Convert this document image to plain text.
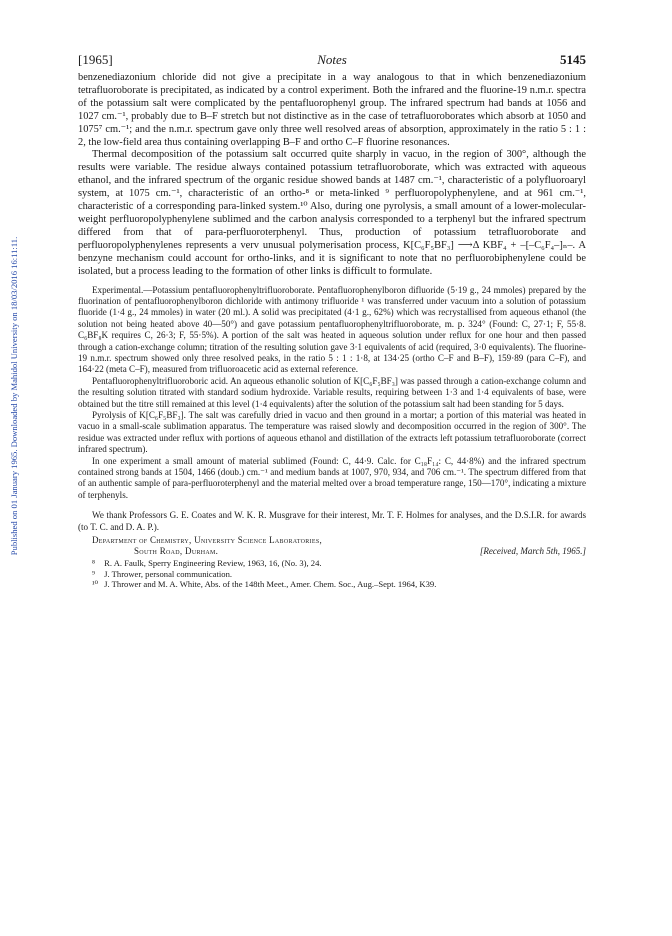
Published on 01 January 1965. Downloaded by Mahidol University on 18/03/2016 16:11:11.
[1965]	Notes	5145

benzenediazonium chloride did not give a precipitate in a way analogous to that in which benzenediazonium tetrafluoroborate is precipitated, as indicated by a control experiment. Both the infrared and the fluorine-19 n.m.r. spectra of the potassium salt were complicated by the pentafluorophenyl group. The infrared spectrum had bands at 1056 and 1027 cm.⁻¹, probably due to B–F stretch but not distinctive as in the case of tetrafluoroborates which absorb at 1050 and 1075⁷ cm.⁻¹; and the n.m.r. spectrum gave only three well resolved areas of absorption, approximately in the ratio 5 : 1 : 2, the low-field area thus containing overlapping B–F and ortho C–F fluorine resonances.

Thermal decomposition of the potassium salt occurred quite sharply in vacuo, in the region of 300°, although the results were variable. The residue always contained potassium tetrafluoroborate, which was extracted with aqueous ethanol, and the infrared spectrum of the organic residue showed bands at 1487 cm.⁻¹, characteristic of a polyfluoroaryl system, at 1075 cm.⁻¹, characteristic of an ortho-⁸ or meta-linked ⁹ perfluoropolyphenylene, and at 961 cm.⁻¹, characteristic of a corresponding para-linked system.¹⁰ Also, during one pyrolysis, a small amount of a lower-molecular-weight perfluoropolyphenylene sublimed and the carbon analysis corresponded to a terphenyl but the infrared spectrum differed from that of para-perfluoroterphenyl. Thus, production of potassium tetrafluoroborate and perfluoropolyphenylenes represents a verv unusual polymerisation process, K[C₆F₅BF₃] ⟶Δ KBF₄ + –[–C₆F₄–]ₙ–. A benzyne mechanism could account for ortho-links, and it is significant to note that no perfluorobiphenylene could be isolated, but a process leading to the formation of other links is difficult to formulate.

Experimental.—Potassium pentafluorophenyltrifluoroborate. Pentafluorophenylboron difluoride (5·19 g., 24 mmoles) prepared by the fluorination of pentafluorophenylboron dichloride with antimony trifluoride ¹ was transferred under vacuum into a solution of potassium fluoride (1·4 g., 24 mmoles) in water (20 ml.). A solid was precipitated (4·1 g., 62%) which was recrystallised from aqueous ethanol (the solution not being heated above 40—50°) and gave potassium pentafluorophenyltrifluoroborate, m. p. 324° (Found: C, 27·1; F, 55·8. C₆BF₈K requires C, 26·3; F, 55·5%). A portion of the salt was heated in aqueous solution under reflux for one hour and then passed through a cation-exchange column; titration of the resulting solution gave 3·1 equivalents of acid (required, 3·0 equivalents). The fluorine-19 n.m.r. spectrum showed only three resolved peaks, in the ratio 5 : 1 : 1·8, at 134·25 (ortho C–F and B–F), 159·89 (para C–F), and 164·22 (meta C–F), measured from trifluoroacetic acid as external reference.

Pentafluorophenyltrifluoroboric acid. An aqueous ethanolic solution of K[C₆F₅BF₃] was passed through a cation-exchange column and the resulting solution titrated with standard sodium hydroxide. Variable results, requiring between 1·3 and 1·4 equivalents of base, were obtained but the titre still remained at this level (1·4 equivalents) after the solution of the potassium salt had been standing for 5 days.

Pyrolysis of K[C₆F₅BF₃]. The salt was carefully dried in vacuo and then ground in a mortar; a portion of this material was heated in vacuo in a small-scale sublimation apparatus. The temperature was raised slowly and decomposition occurred in the region of 300°. The residue was extracted under reflux with portions of aqueous ethanol and distillation of the extracts left potassium tetrafluoroborate (correct infrared spectrum).

In one experiment a small amount of material sublimed (Found: C, 44·9. Calc. for C₁₈F₁₄: C, 44·8%) and the infrared spectrum contained strong bands at 1504, 1466 (doub.) cm.⁻¹ and medium bands at 1007, 970, 934, and 706 cm.⁻¹. The spectrum differed from that of an authentic sample of para-perfluoroterphenyl and the material melted over a broad temperature range, 150—170°, indicating a mixture of terphenyls.

We thank Professors G. E. Coates and W. K. R. Musgrave for their interest, Mr. T. F. Holmes for analyses, and the D.S.I.R. for awards (to T. C. and D. A. P.).

Department of Chemistry, University Science Laboratories,
South Road, Durham.	[Received, March 5th, 1965.]
⁸ R. A. Faulk, Sperry Engineering Review, 1963, 16, (No. 3), 24.
⁹ J. Thrower, personal communication.
¹⁰ J. Thrower and M. A. White, Abs. of the 148th Meet., Amer. Chem. Soc., Aug.–Sept. 1964, K39.
